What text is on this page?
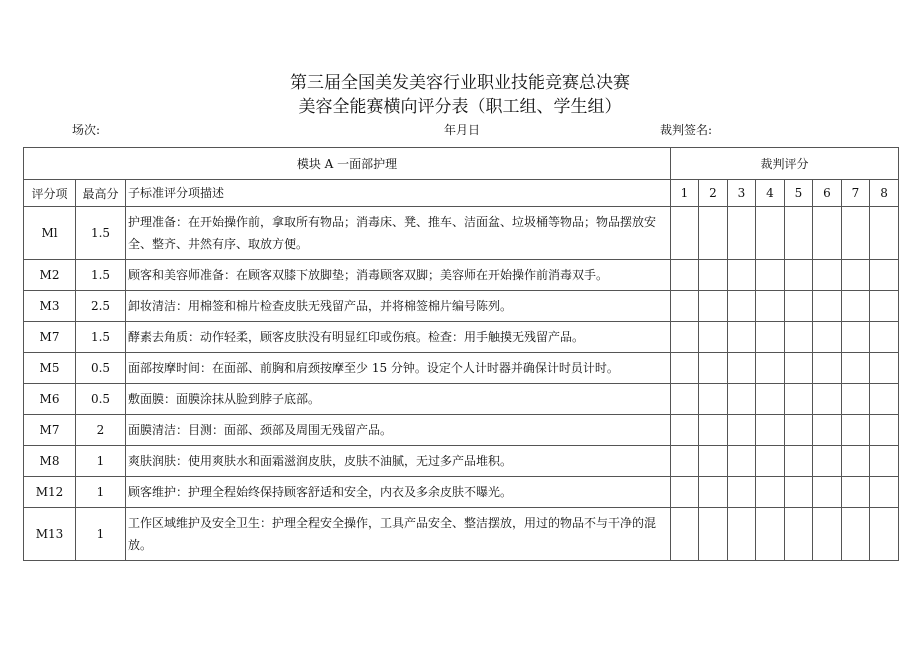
第三届全国美发美容行业职业技能竞赛总决赛
美容全能赛横向评分表（职工组、学生组）
场次:	年月日	裁判签名:
模块 A 一面部护理			裁判评分							
评分项	最高分	子标准评分项描述	1	2	3	4	5	6	7	8
Ml	1.5	护理准备：在开始操作前，拿取所有物品；消毒床、凳、推车、洁面盆、垃圾桶等物品；物品摆放安全、整齐、井然有序、取放方便。								
M2	1.5	顾客和美容师准备：在顾客双膝下放脚垫；消毒顾客双脚；美容师在开始操作前消毒双手。								
M3	2.5	卸妆清洁：用棉签和棉片检查皮肤无残留产品，并将棉签棉片编号陈列。								
M7	1.5	酵素去角质：动作轻柔，顾客皮肤没有明显红印或伤痕。检查：用手触摸无残留产品。								
M5	0.5	面部按摩时间：在面部、前胸和肩颈按摩至少 15 分钟。设定个人计时器并确保计时员计时。								
M6	0.5	敷面膜：面膜涂抹从脸到脖子底部。								
M7	2	面膜清洁：目测：面部、颈部及周围无残留产品。								
M8	1	爽肤润肤：使用爽肤水和面霜滋润皮肤，皮肤不油腻，无过多产品堆积。								
M12	1	顾客维护：护理全程始终保持顾客舒适和安全，内衣及多余皮肤不曝光。								
M13	1	工作区域维护及安全卫生：护理全程安全操作，工具产品安全、整洁摆放，用过的物品不与干净的混放。								
